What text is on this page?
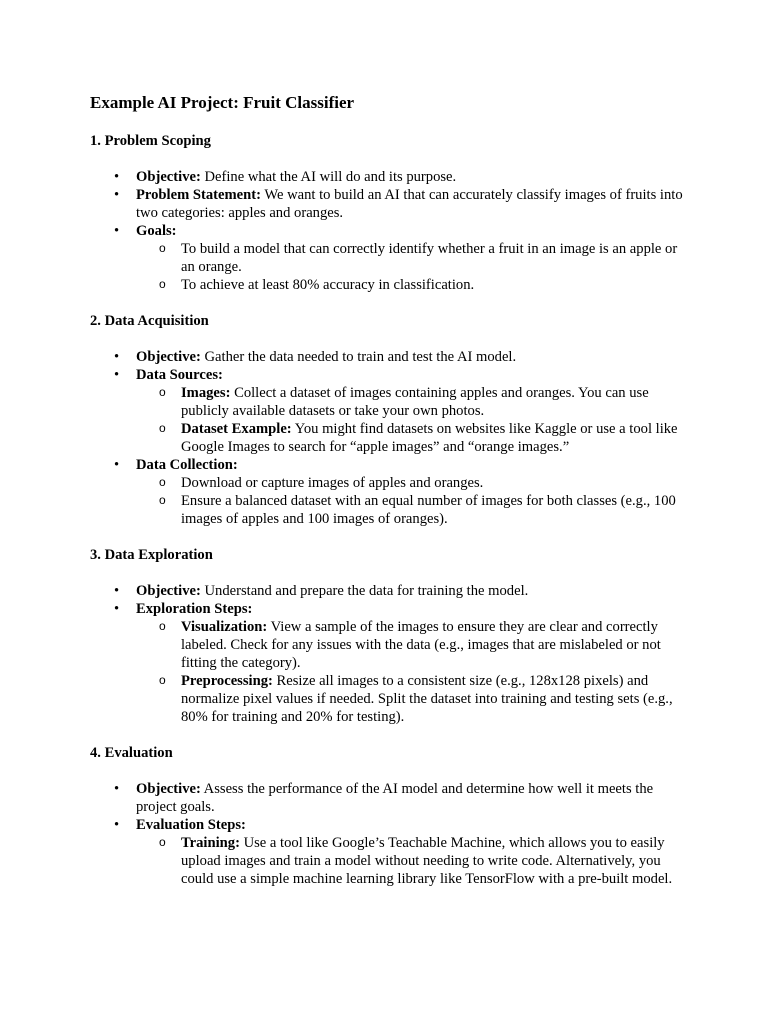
Example AI Project: Fruit Classifier
1. Problem Scoping
• Objective: Define what the AI will do and its purpose.
• Problem Statement: We want to build an AI that can accurately classify images of fruits into two categories: apples and oranges.
• Goals:
o To build a model that can correctly identify whether a fruit in an image is an apple or an orange.
o To achieve at least 80% accuracy in classification.
2. Data Acquisition
• Objective: Gather the data needed to train and test the AI model.
• Data Sources:
o Images: Collect a dataset of images containing apples and oranges. You can use publicly available datasets or take your own photos.
o Dataset Example: You might find datasets on websites like Kaggle or use a tool like Google Images to search for “apple images” and “orange images.”
• Data Collection:
o Download or capture images of apples and oranges.
o Ensure a balanced dataset with an equal number of images for both classes (e.g., 100 images of apples and 100 images of oranges).
3. Data Exploration
• Objective: Understand and prepare the data for training the model.
• Exploration Steps:
o Visualization: View a sample of the images to ensure they are clear and correctly labeled. Check for any issues with the data (e.g., images that are mislabeled or not fitting the category).
o Preprocessing: Resize all images to a consistent size (e.g., 128x128 pixels) and normalize pixel values if needed. Split the dataset into training and testing sets (e.g., 80% for training and 20% for testing).
4. Evaluation
• Objective: Assess the performance of the AI model and determine how well it meets the project goals.
• Evaluation Steps:
o Training: Use a tool like Google’s Teachable Machine, which allows you to easily upload images and train a model without needing to write code. Alternatively, you could use a simple machine learning library like TensorFlow with a pre-built model.
